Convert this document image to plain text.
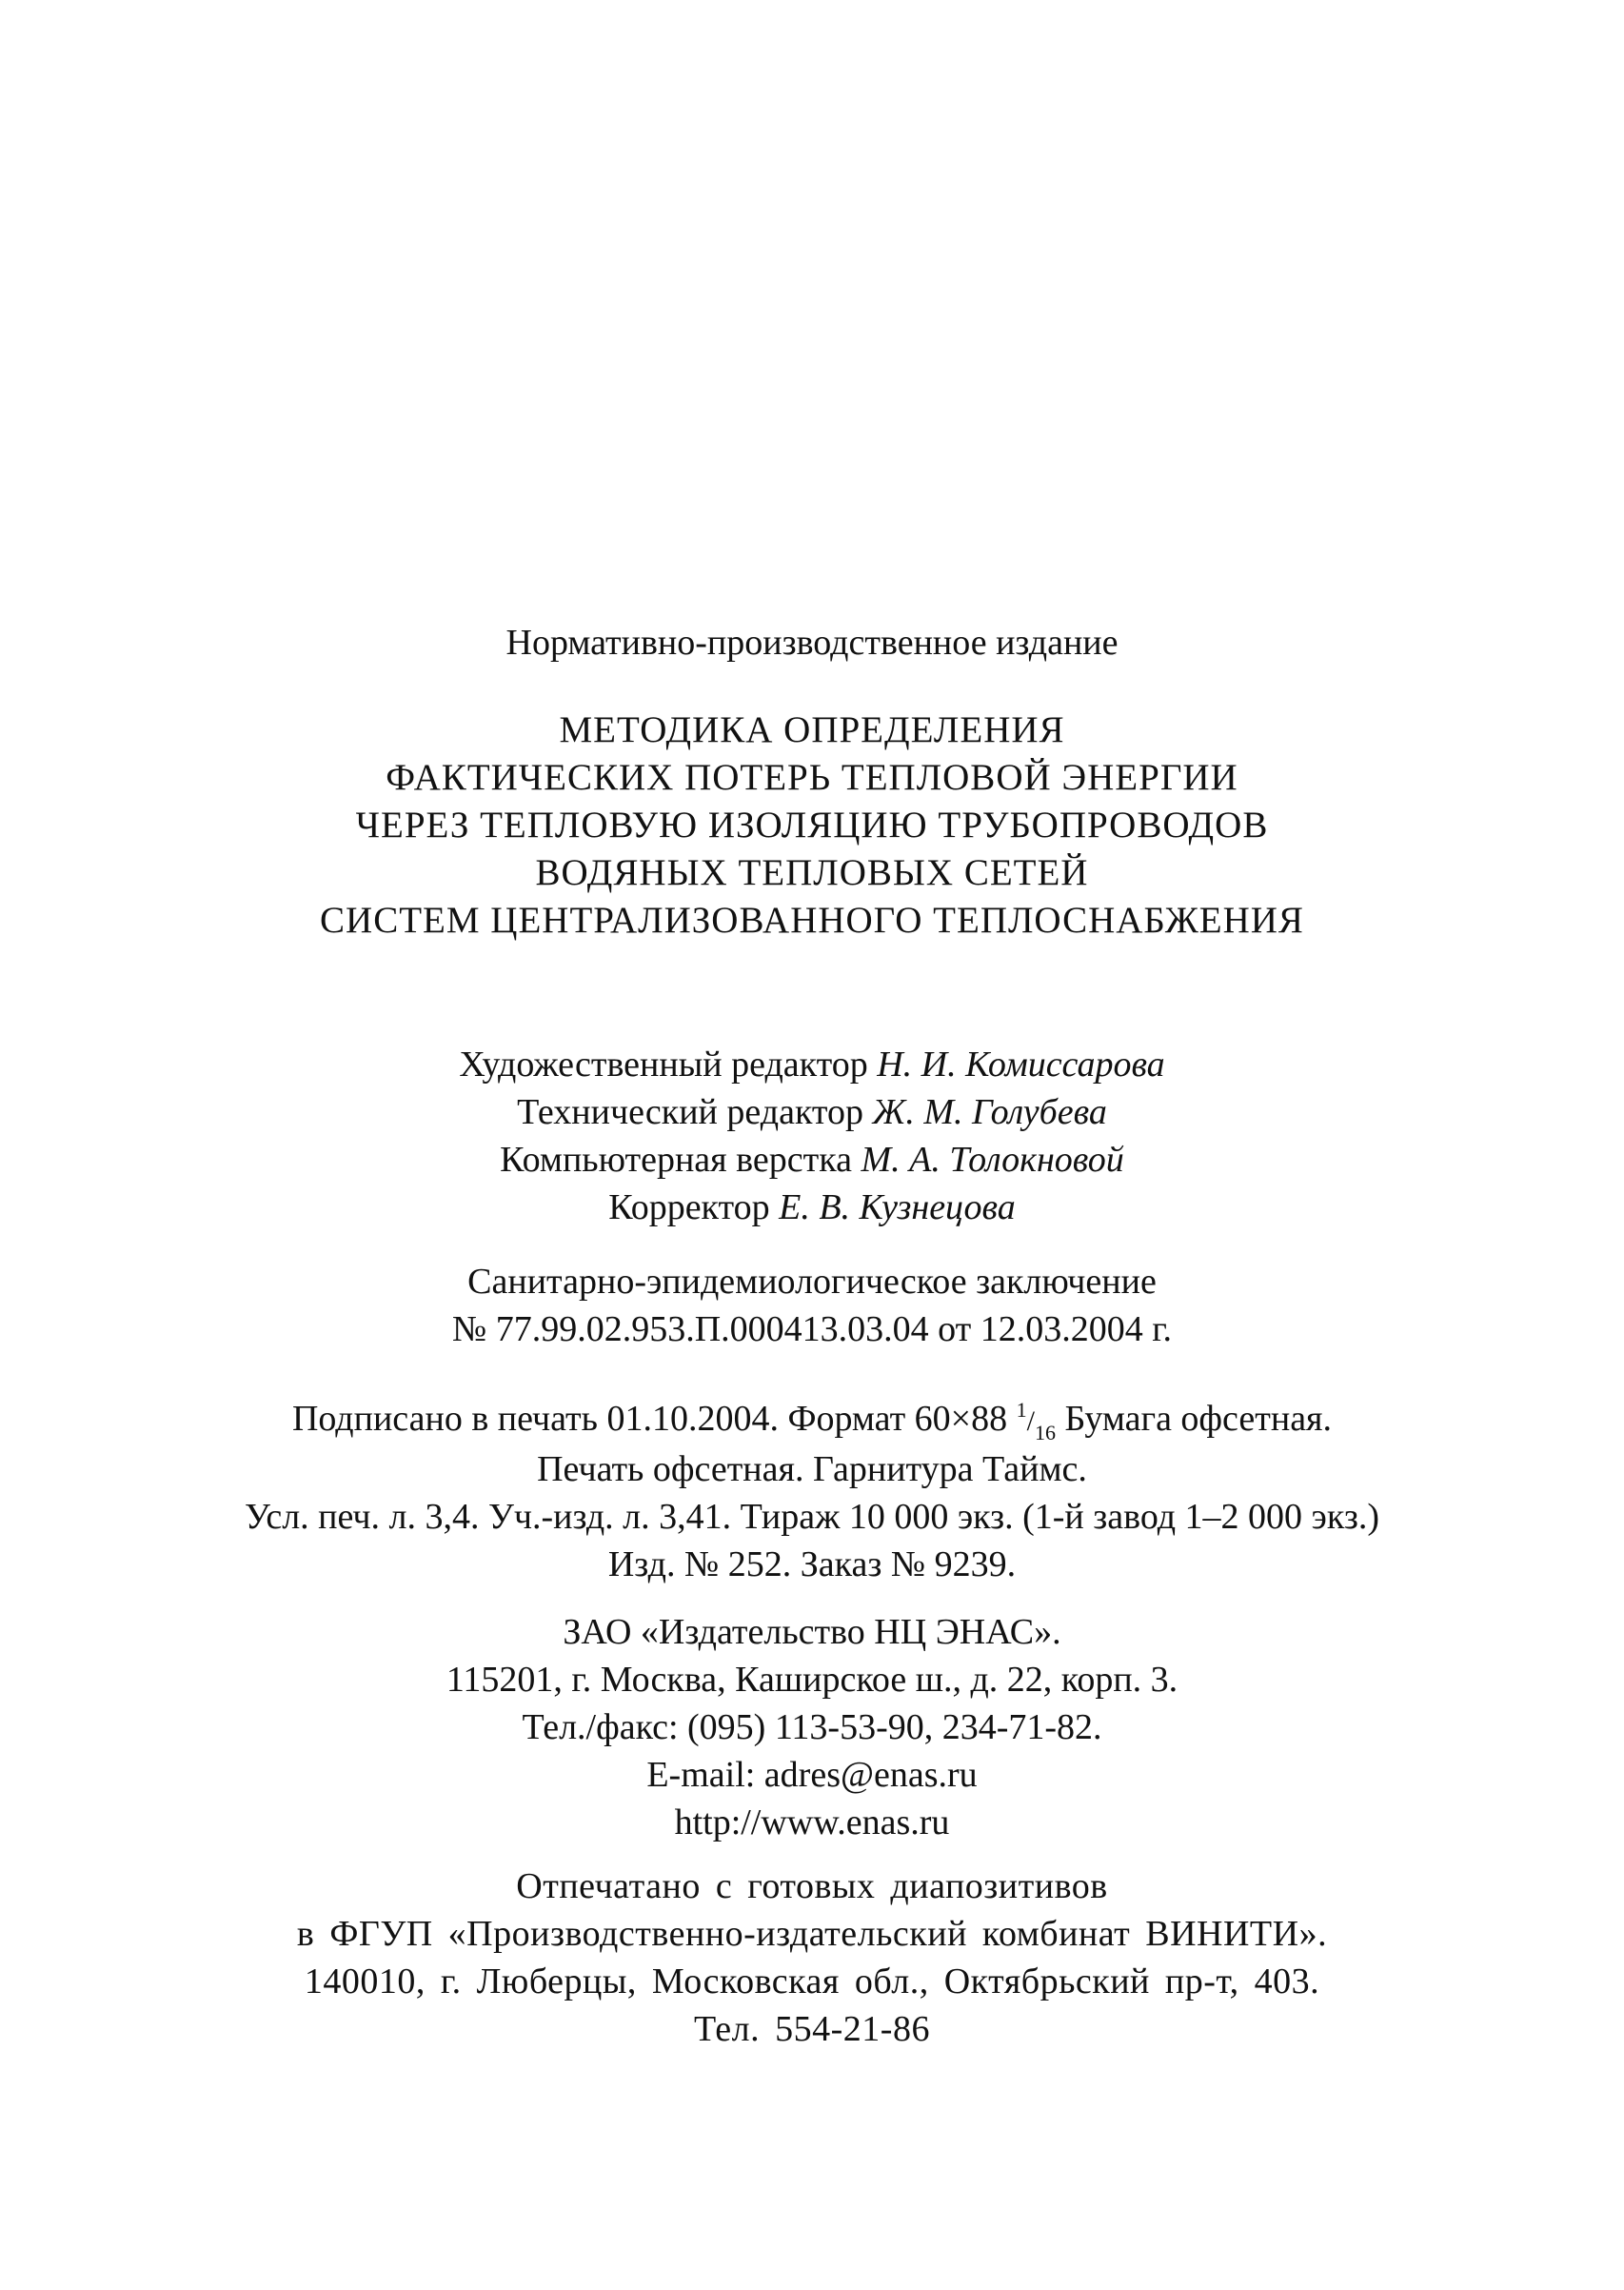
Нормативно-производственное издание
МЕТОДИКА ОПРЕДЕЛЕНИЯ
ФАКТИЧЕСКИХ ПОТЕРЬ ТЕПЛОВОЙ ЭНЕРГИИ
ЧЕРЕЗ ТЕПЛОВУЮ ИЗОЛЯЦИЮ ТРУБОПРОВОДОВ
ВОДЯНЫХ ТЕПЛОВЫХ СЕТЕЙ
СИСТЕМ ЦЕНТРАЛИЗОВАННОГО ТЕПЛОСНАБЖЕНИЯ
Художественный редактор Н. И. Комиссарова
Технический редактор Ж. М. Голубева
Компьютерная верстка М. А. Толокновой
Корректор Е. В. Кузнецова
Санитарно-эпидемиологическое заключение
№ 77.99.02.953.П.000413.03.04 от 12.03.2004 г.
Подписано в печать 01.10.2004. Формат 60×88 $^1/_{16}$ Бумага офсетная.
Печать офсетная. Гарнитура Таймс.
Усл. печ. л. 3,4. Уч.-изд. л. 3,41. Тираж 10 000 экз. (1-й завод 1–2 000 экз.)
Изд. № 252. Заказ № 9239.
ЗАО «Издательство НЦ ЭНАС».
115201, г. Москва, Каширское ш., д. 22, корп. 3.
Тел./факс: (095) 113-53-90, 234-71-82.
E-mail: adres@enas.ru
http://www.enas.ru
Отпечатано с готовых диапозитивов
в ФГУП «Производственно-издательский комбинат ВИНИТИ».
140010, г. Люберцы, Московская обл., Октябрьский пр-т, 403.
Тел. 554-21-86
